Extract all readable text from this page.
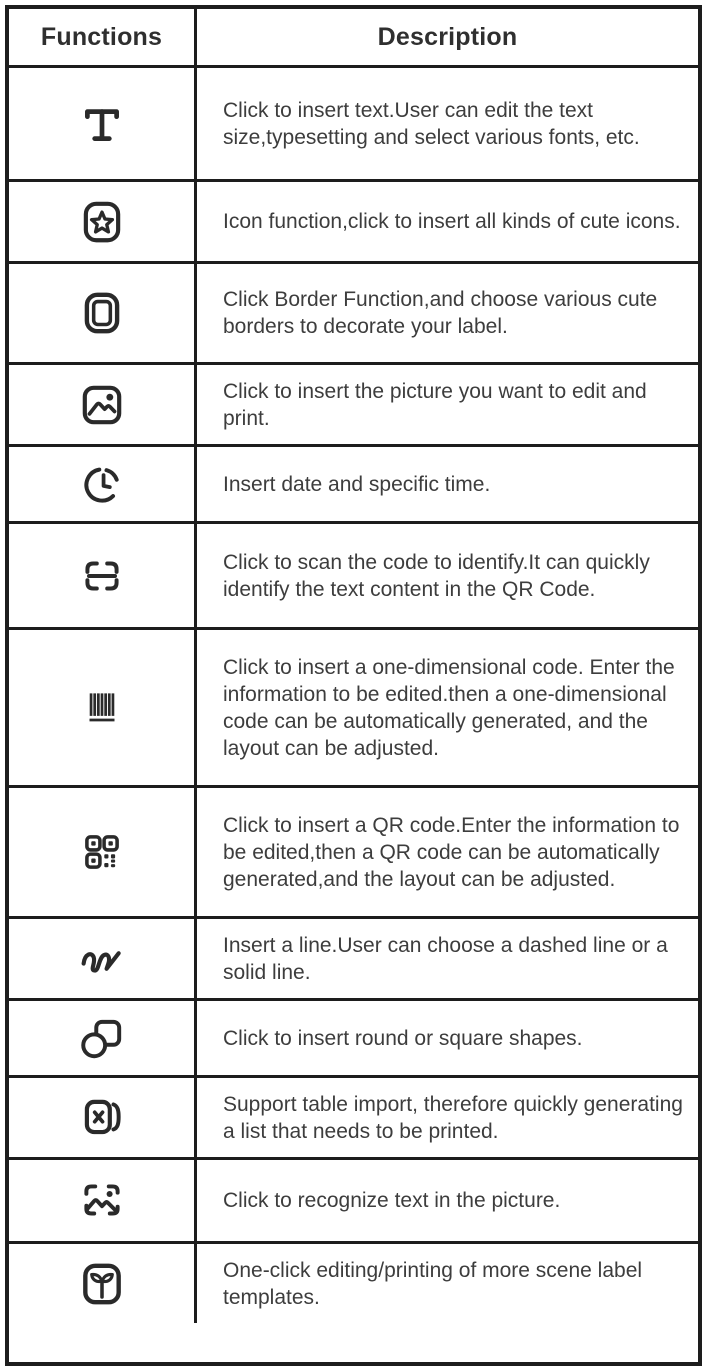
Functions	Description
Click to insert text.User can edit the text size,typesetting and select various fonts, etc.
Icon function,click to insert all kinds of cute icons.
Click Border Function,and choose various cute borders to decorate your label.
Click to insert the picture you want to edit and print.
Insert date and specific time.
Click to scan the code to identify.It can quickly identify the text content in the QR Code.
Click to insert a one-dimensional code. Enter the information to be edited.then a one-dimensional code can be automatically generated, and the layout can be adjusted.
Click to insert a QR code.Enter the information to be edited,then a QR code can be automatically generated,and the layout can be adjusted.
Insert a line.User can choose a dashed line or a solid line.
Click to insert round or square shapes.
Support table import, therefore quickly generating a list that needs to be printed.
Click to recognize text in the picture.
One-click editing/printing of more scene label templates.
